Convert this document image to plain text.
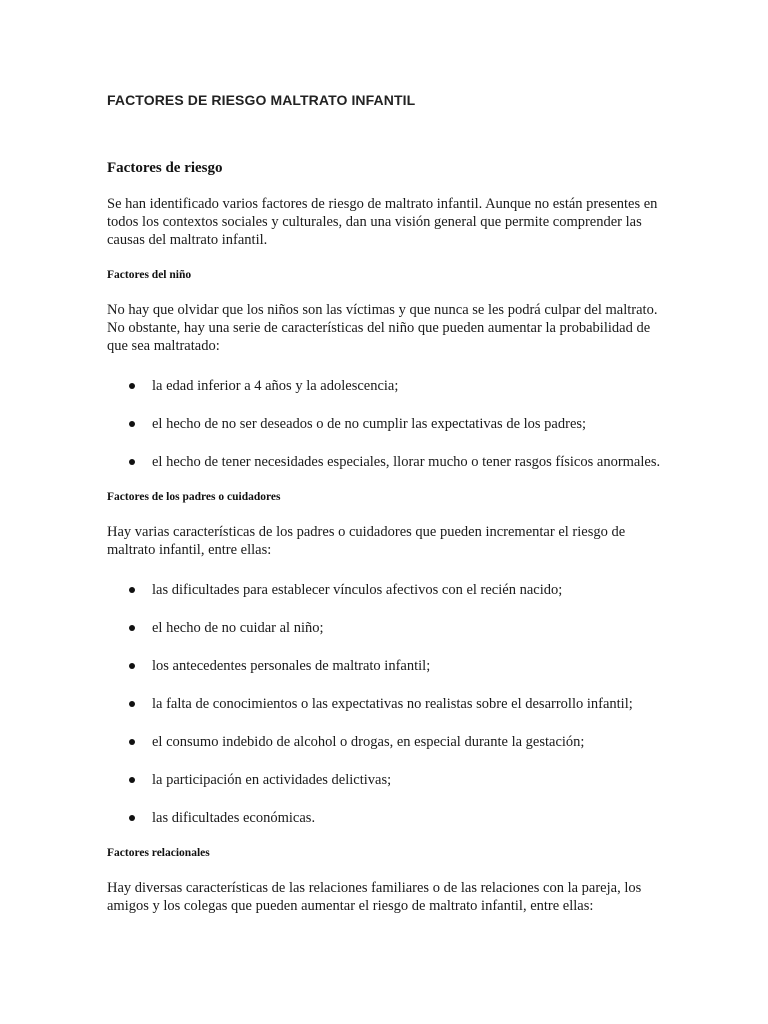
FACTORES DE RIESGO MALTRATO INFANTIL
Factores de riesgo

Se han identificado varios factores de riesgo de maltrato infantil. Aunque no están presentes en todos los contextos sociales y culturales, dan una visión general que permite comprender las causas del maltrato infantil.

Factores del niño

No hay que olvidar que los niños son las víctimas y que nunca se les podrá culpar del maltrato. No obstante, hay una serie de características del niño que pueden aumentar la probabilidad de que sea maltratado:

la edad inferior a 4 años y la adolescencia;
el hecho de no ser deseados o de no cumplir las expectativas de los padres;
el hecho de tener necesidades especiales, llorar mucho o tener rasgos físicos anormales.
Factores de los padres o cuidadores

Hay varias características de los padres o cuidadores que pueden incrementar el riesgo de maltrato infantil, entre ellas:

las dificultades para establecer vínculos afectivos con el recién nacido;
el hecho de no cuidar al niño;
los antecedentes personales de maltrato infantil;
la falta de conocimientos o las expectativas no realistas sobre el desarrollo infantil;
el consumo indebido de alcohol o drogas, en especial durante la gestación;
la participación en actividades delictivas;
las dificultades económicas.
Factores relacionales

Hay diversas características de las relaciones familiares o de las relaciones con la pareja, los amigos y los colegas que pueden aumentar el riesgo de maltrato infantil, entre ellas:
